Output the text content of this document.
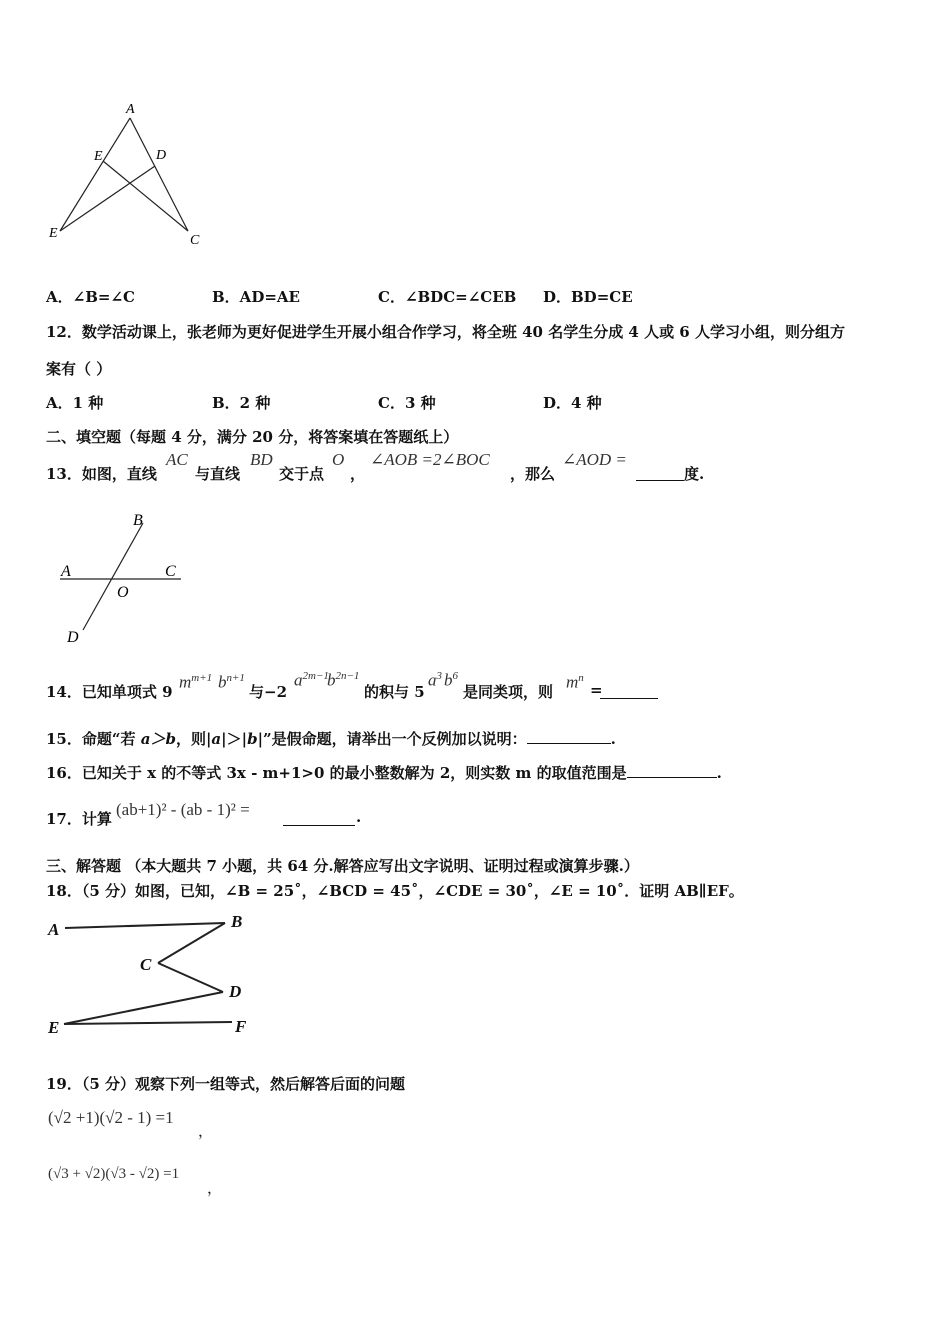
A
E	D
E	C
A．∠B=∠C	B．AD=AE	C．∠BDC=∠CEB D．BD=CE
12．数学活动课上，张老师为更好促进学生开展小组合作学习，将全班 40 名学生分成 4 人或 6 人学习小组，则分组方
案有（ ）
A．1 种	B．2 种	C．3 种	D．4 种
二、填空题（每题 4 分，满分 20 分，将答案填在答题纸上）
13．如图，直线
AC
与直线
BD
交于点
O
，
∠AOB =2∠BOC
，那么
∠AOD =
度.
B
A	C
O
D
14．已知单项式 9
$m^{m+1}$ $b^{n+1}$
与−2
$a^{2m-1}$
$b^{2n-1}$
的积与 5
$a^3$ $b^6$
是同类项，则
$m^n$
=
15．命题“若 a＞b，则|a|＞|b|”是假命题，请举出一个反例加以说明：	.
16．已知关于 x 的不等式 3x - m+1>0 的最小整数解为 2，则实数 m 的取值范围是	.
17．计算 (ab+1)² - (ab - 1)² =	.
三、解答题 （本大题共 7 小题，共 64 分.解答应写出文字说明、证明过程或演算步骤.）
18．（5 分）如图，已知，∠B = 25˚，∠BCD = 45˚，∠CDE = 30˚，∠E = 10˚．证明 AB∥EF。
A	B
C
D
E	F
19．（5 分）观察下列一组等式，然后解答后面的问题
(√2 +1)(√2 - 1) =1
，
(√3 + √2)(√3 - √2) =1
，
